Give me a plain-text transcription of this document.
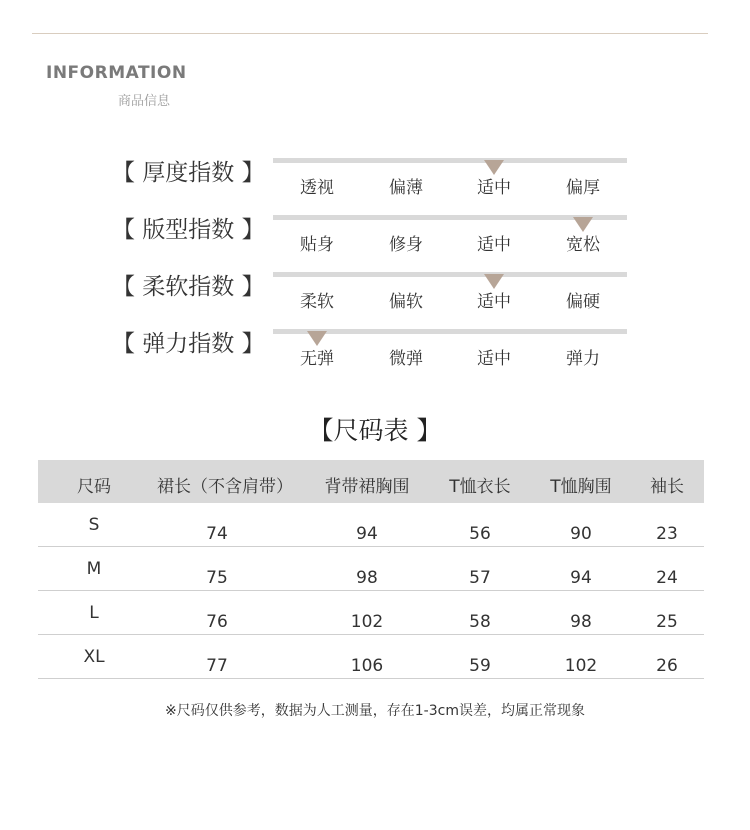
INFORMATION
商品信息
【 厚度指数 】
透视	偏薄	适中	偏厚
【 版型指数 】
贴身	修身	适中	宽松
【 柔软指数 】
柔软	偏软	适中	偏硬
【 弹力指数 】
无弹	微弹	适中	弹力
【尺码表 】
尺码	裙长（不含肩带）	背带裙胸围	T恤衣长	T恤胸围	袖长
S	74	94	56	90	23
M	75	98	57	94	24
L	76	102	58	98	25
XL	77	106	59	102	26
※尺码仅供参考，数据为人工测量，存在1-3cm误差，均属正常现象
